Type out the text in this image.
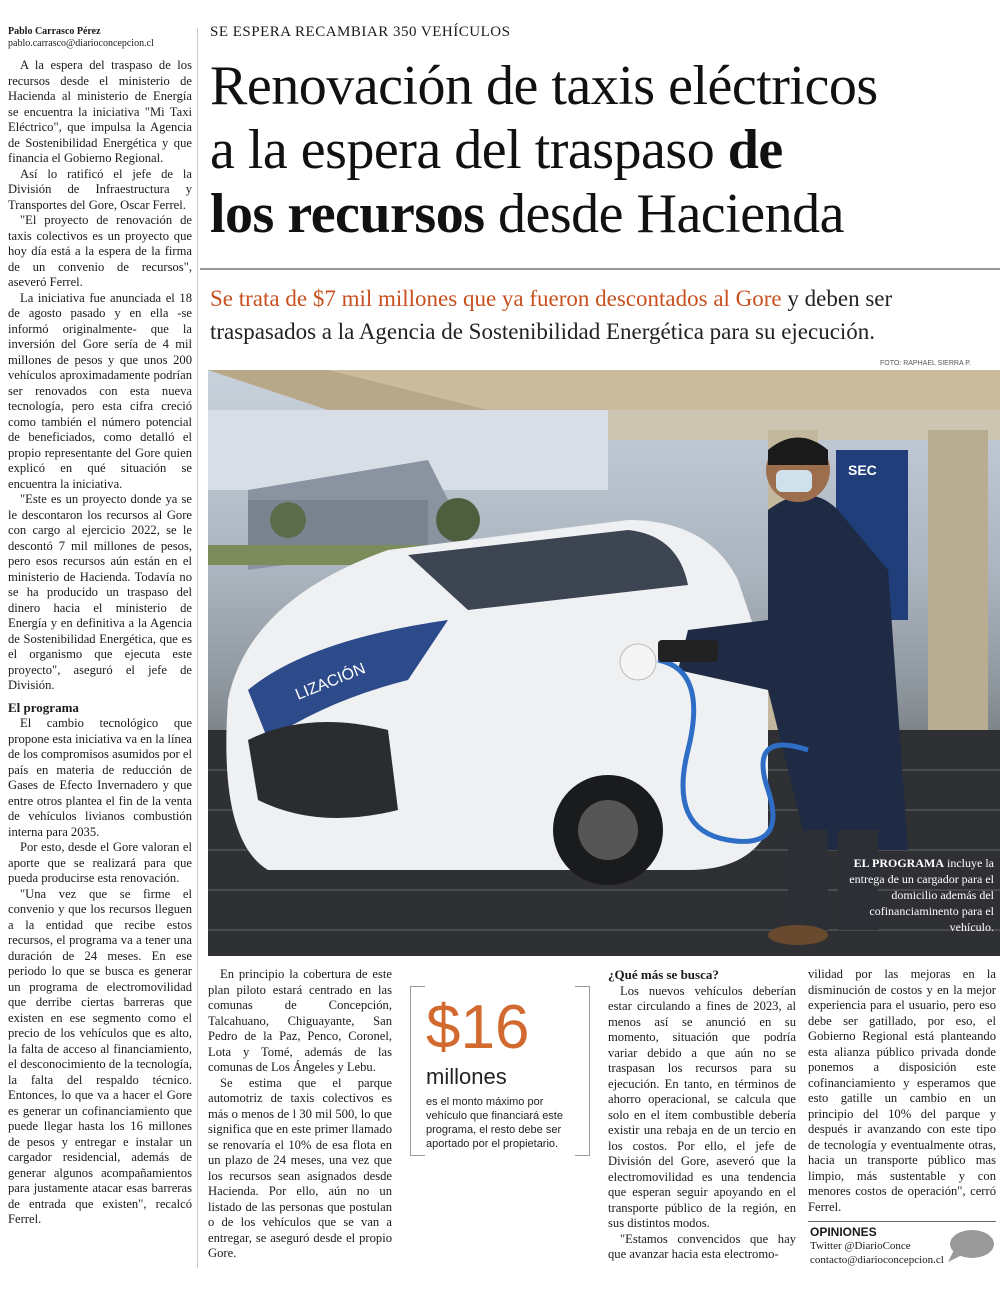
Pablo Carrasco Pérez
pablo.carrasco@diarioconcepcion.cl
SE ESPERA RECAMBIAR 350 VEHÍCULOS
Renovación de taxis eléctricos
a la espera del traspaso de
los recursos desde Hacienda
Se trata de $7 mil millones que ya fueron descontados al Gore y deben ser traspasados a la Agencia de Sostenibilidad Energética para su ejecución.
FOTO: RAPHAEL SIERRA P.
SEC
LIZACIÓN
EL PROGRAMA incluye la entrega de un cargador para el domicilio además del cofinanciaminento para el vehículo.

A la espera del traspaso de los recursos desde el ministerio de Hacienda al ministerio de Energía se encuentra la iniciativa "Mi Taxi Eléctrico", que impulsa la Agencia de Sostenibilidad Energética y que financia el Gobierno Regional.

Así lo ratificó el jefe de la División de Infraestructura y Transportes del Gore, Oscar Ferrel.

"El proyecto de renovación de taxis colectivos es un proyecto que hoy día está a la espera de la firma de un convenio de recursos", aseveró Ferrel.

La iniciativa fue anunciada el 18 de agosto pasado y en ella -se informó originalmente- que la inversión del Gore sería de 4 mil millones de pesos y que unos 200 vehículos aproximadamente podrían ser renovados con esta nueva tecnología, pero esta cifra creció como también el número potencial de beneficiados, como detalló el propio representante del Gore quien explicó en qué situación se encuentra la iniciativa.

"Este es un proyecto donde ya se le descontaron los recursos al Gore con cargo al ejercicio 2022, se le descontó 7 mil millones de pesos, pero esos recursos aún están en el ministerio de Hacienda. Todavía no se ha producido un traspaso del dinero hacia el ministerio de Energía y en definitiva a la Agencia de Sostenibilidad Energética, que es el organismo que ejecuta este proyecto", aseguró el jefe de División.

El programa

El cambio tecnológico que propone esta iniciativa va en la línea de los compromisos asumidos por el país en materia de reducción de Gases de Efecto Invernadero y que entre otros plantea el fin de la venta de vehículos livianos combustión interna para 2035.

Por esto, desde el Gore valoran el aporte que se realizará para que pueda producirse esta renovación.

"Una vez que se firme el convenio y que los recursos lleguen a la entidad que recibe estos recursos, el programa va a tener una duración de 24 meses. En ese periodo lo que se busca es generar un programa de electromovilidad que derribe ciertas barreras que existen en ese segmento como el precio de los vehículos que es alto, la falta de acceso al financiamiento, el desconocimiento de la tecnología, la falta del respaldo técnico. Entonces, lo que va a hacer el Gore es generar un cofinanciamiento que puede llegar hasta los 16 millones de pesos y entregar e instalar un cargador residencial, además de generar algunos acompañamientos para justamente atacar esas barreras de entrada que existen", recalcó Ferrel.

En principio la cobertura de este plan piloto estará centrado en las comunas de Concepción, Talcahuano, Chiguayante, San Pedro de la Paz, Penco, Coronel, Lota y Tomé, además de las comunas de Los Ángeles y Lebu.

Se estima que el parque automotriz de taxis colectivos es más o menos de l 30 mil 500, lo que significa que en este primer llamado se renovaría el 10% de esa flota en un plazo de 24 meses, una vez que los recursos sean asignados desde Hacienda. Por ello, aún no un listado de las personas que postulan o de los vehículos que se van a entregar, se aseguró desde el propio Gore.

$16
millones
es el monto máximo por vehículo que financiará este programa, el resto debe ser aportado por el propietario.
¿Qué más se busca?

Los nuevos vehículos deberían estar circulando a fines de 2023, al menos así se anunció en su momento, situación que podría variar debido a que aún no se traspasan los recursos para su ejecución. En tanto, en términos de ahorro operacional, se calcula que solo en el ítem combustible debería existir una rebaja en de un tercio en los costos. Por ello, el jefe de División del Gore, aseveró que la electromovilidad es una tendencia que esperan seguir apoyando en el transporte público de la región, en sus distintos modos.

"Estamos convencidos que hay que avanzar hacia esta electromo-

vilidad por las mejoras en la disminución de costos y en la mejor experiencia para el usuario, pero eso debe ser gatillado, por eso, el Gobierno Regional está planteando esta alianza público privada donde ponemos a disposición este cofinanciamiento y esperamos que esto gatille un cambio en un principio del 10% del parque y después ir avanzando con este tipo de tecnología y eventualmente otras, hacia un transporte público mas limpio, más sustentable y con menores costos de operación", cerró Ferrel.

OPINIONES
Twitter @DiarioConce
contacto@diarioconcepcion.cl
